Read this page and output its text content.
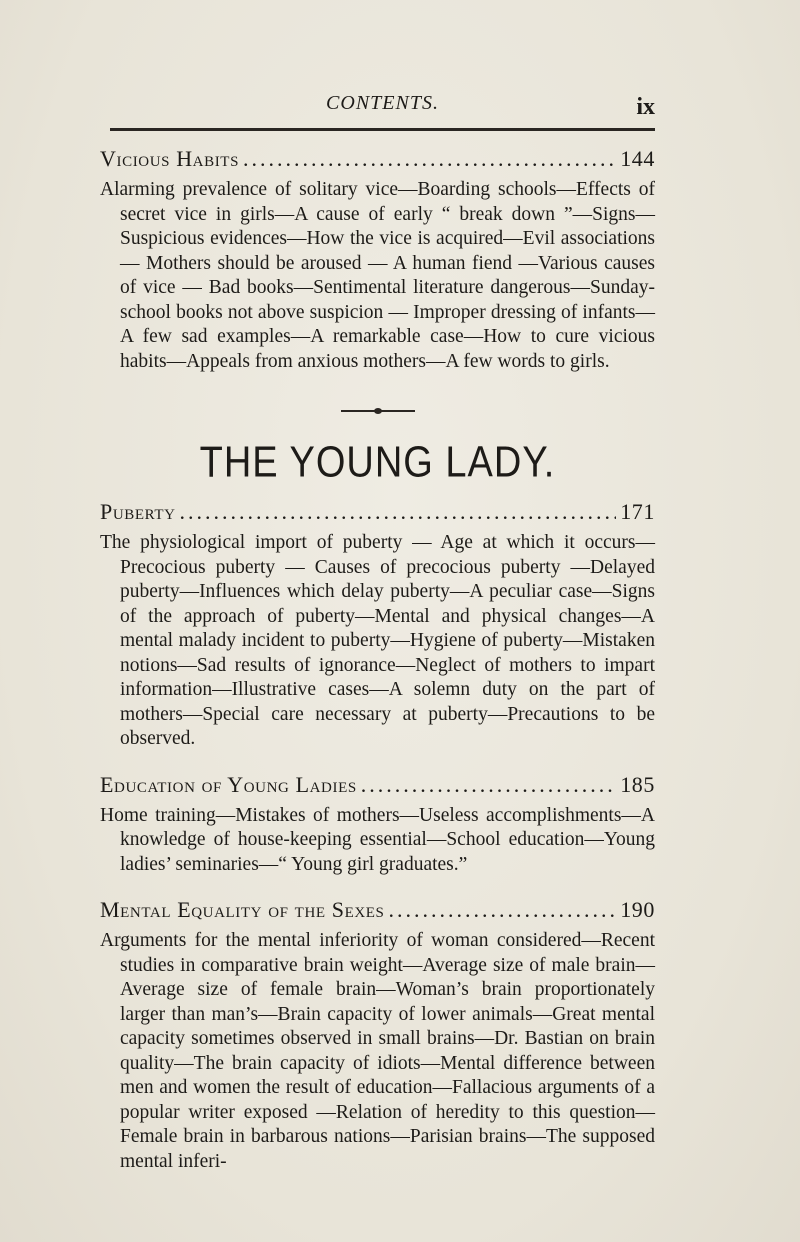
CONTENTS.	ix
Vicious Habits .....	144
Alarming prevalence of solitary vice—Boarding schools—Effects of secret vice in girls—A cause of early “ break down ”—Signs—Suspicious evidences—How the vice is acquired—Evil associations — Mothers should be aroused — A human fiend —Various causes of vice — Bad books—Sentimental literature dangerous—Sunday-school books not above suspicion — Improper dressing of infants—A few sad examples—A remarkable case—How to cure vicious habits—Appeals from anxious mothers—A few words to girls.
THE YOUNG LADY.
Puberty .....	171
The physiological import of puberty — Age at which it occurs—Precocious puberty — Causes of precocious puberty —Delayed puberty—Influences which delay puberty—A peculiar case—Signs of the approach of puberty—Mental and physical changes—A mental malady incident to puberty—Hygiene of puberty—Mistaken notions—Sad results of ignorance—Neglect of mothers to impart information—Illustrative cases—A solemn duty on the part of mothers—Special care necessary at puberty—Precautions to be observed.
Education of Young Ladies .....	185
Home training—Mistakes of mothers—Useless accomplishments—A knowledge of house-keeping essential—School education—Young ladies’ seminaries—“ Young girl graduates.”
Mental Equality of the Sexes .....	190
Arguments for the mental inferiority of woman considered—Recent studies in comparative brain weight—Average size of male brain—Average size of female brain—Woman’s brain proportionately larger than man’s—Brain capacity of lower animals—Great mental capacity sometimes observed in small brains—Dr. Bastian on brain quality—The brain capacity of idiots—Mental difference between men and women the result of education—Fallacious arguments of a popular writer exposed —Relation of heredity to this question—Female brain in barbarous nations—Parisian brains—The supposed mental inferi-
